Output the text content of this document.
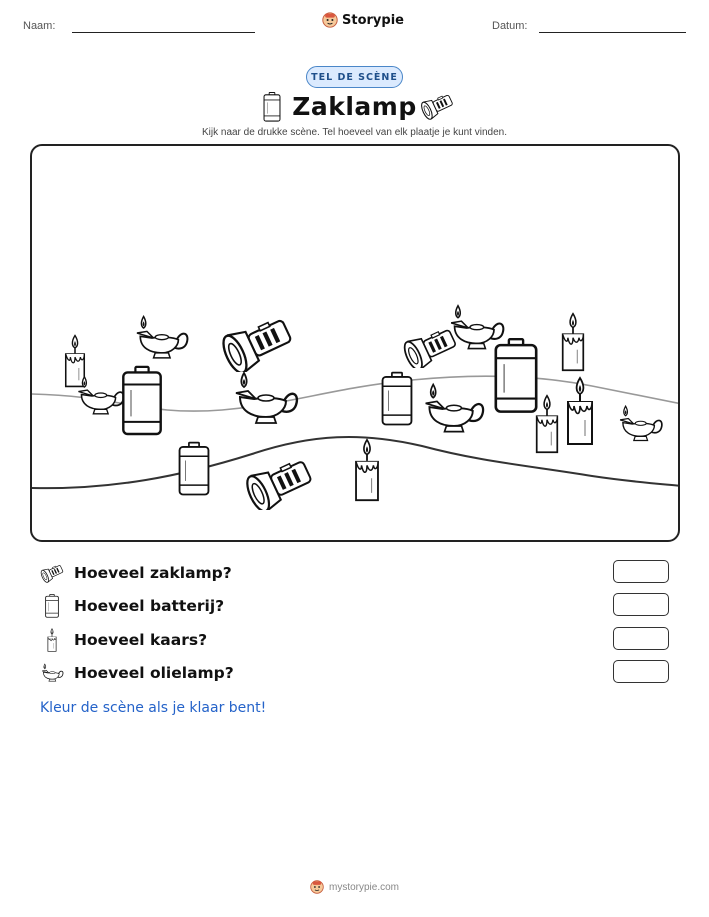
Naam:	Storypie	Datum:
TEL DE SCÈNE
Zaklamp
Kijk naar de drukke scène. Tel hoeveel van elk plaatje je kunt vinden.
Hoeveel zaklamp?
Hoeveel batterij?
Hoeveel kaars?
Hoeveel olielamp?
Kleur de scène als je klaar bent!
mystorypie.com
